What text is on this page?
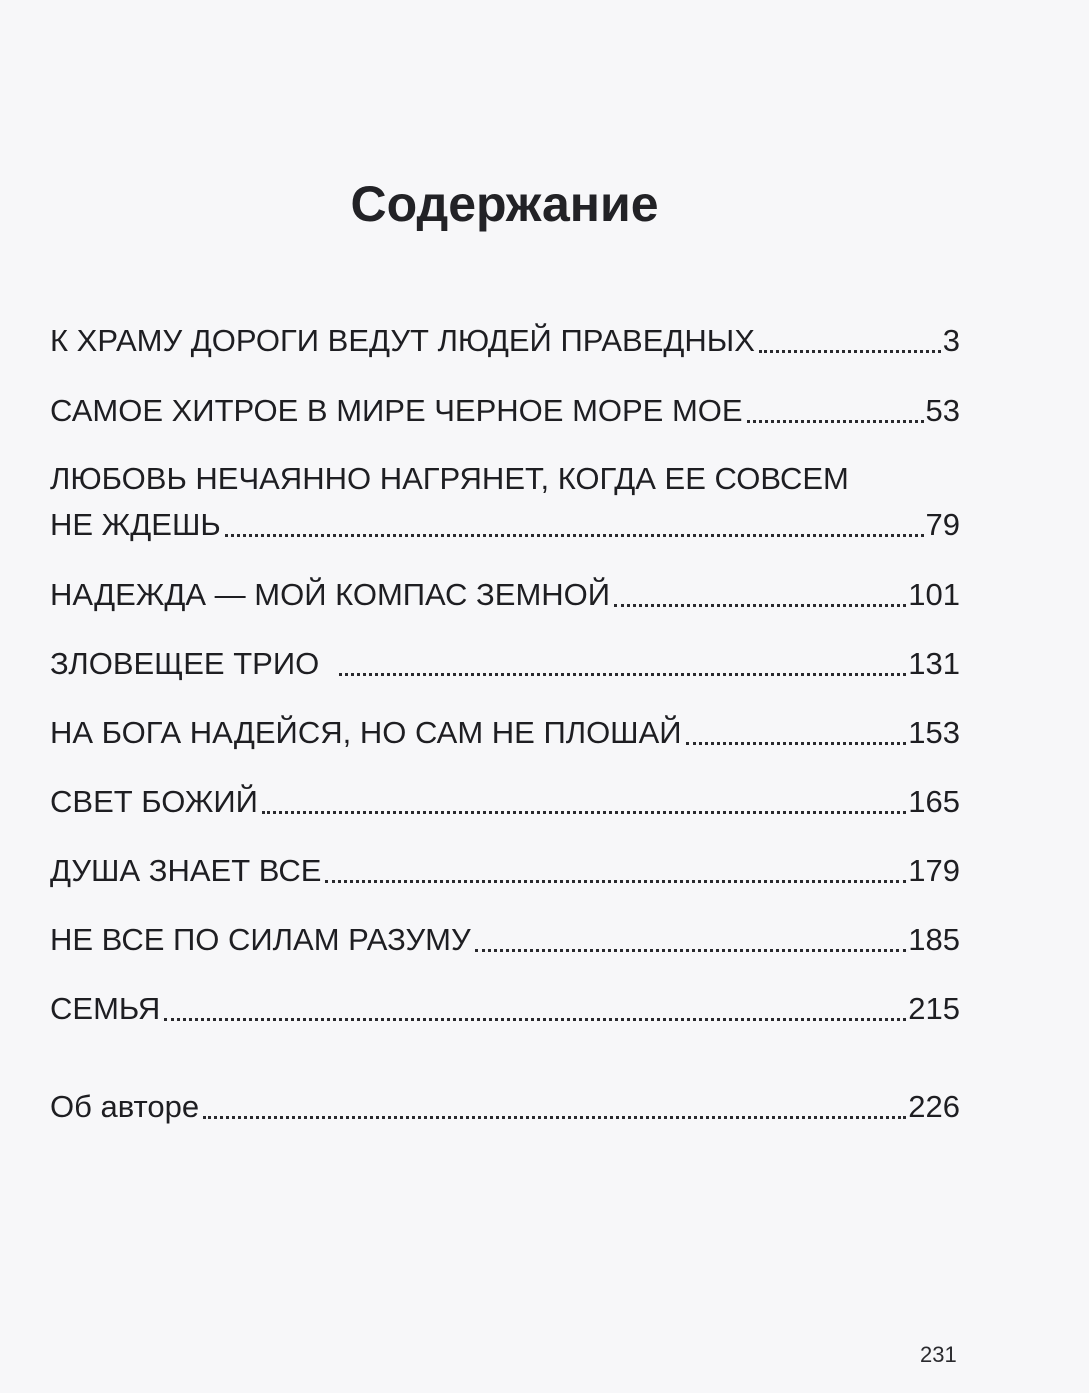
Содержание
К ХРАМУ ДОРОГИ ВЕДУТ ЛЮДЕЙ ПРАВЕДНЫХ	3
САМОЕ ХИТРОЕ В МИРЕ ЧЕРНОЕ МОРЕ МОЕ	53
ЛЮБОВЬ НЕЧАЯННО НАГРЯНЕТ, КОГДА ЕЕ СОВСЕМ
НЕ ЖДЕШЬ	79
НАДЕЖДА — МОЙ КОМПАС ЗЕМНОЙ	101
ЗЛОВЕЩЕЕ ТРИО	131
НА БОГА НАДЕЙСЯ, НО САМ НЕ ПЛОШАЙ	153
СВЕТ БОЖИЙ	165
ДУША ЗНАЕТ ВСЕ	179
НЕ ВСЕ ПО СИЛАМ РАЗУМУ	185
СЕМЬЯ	215
Об авторе	226
231
